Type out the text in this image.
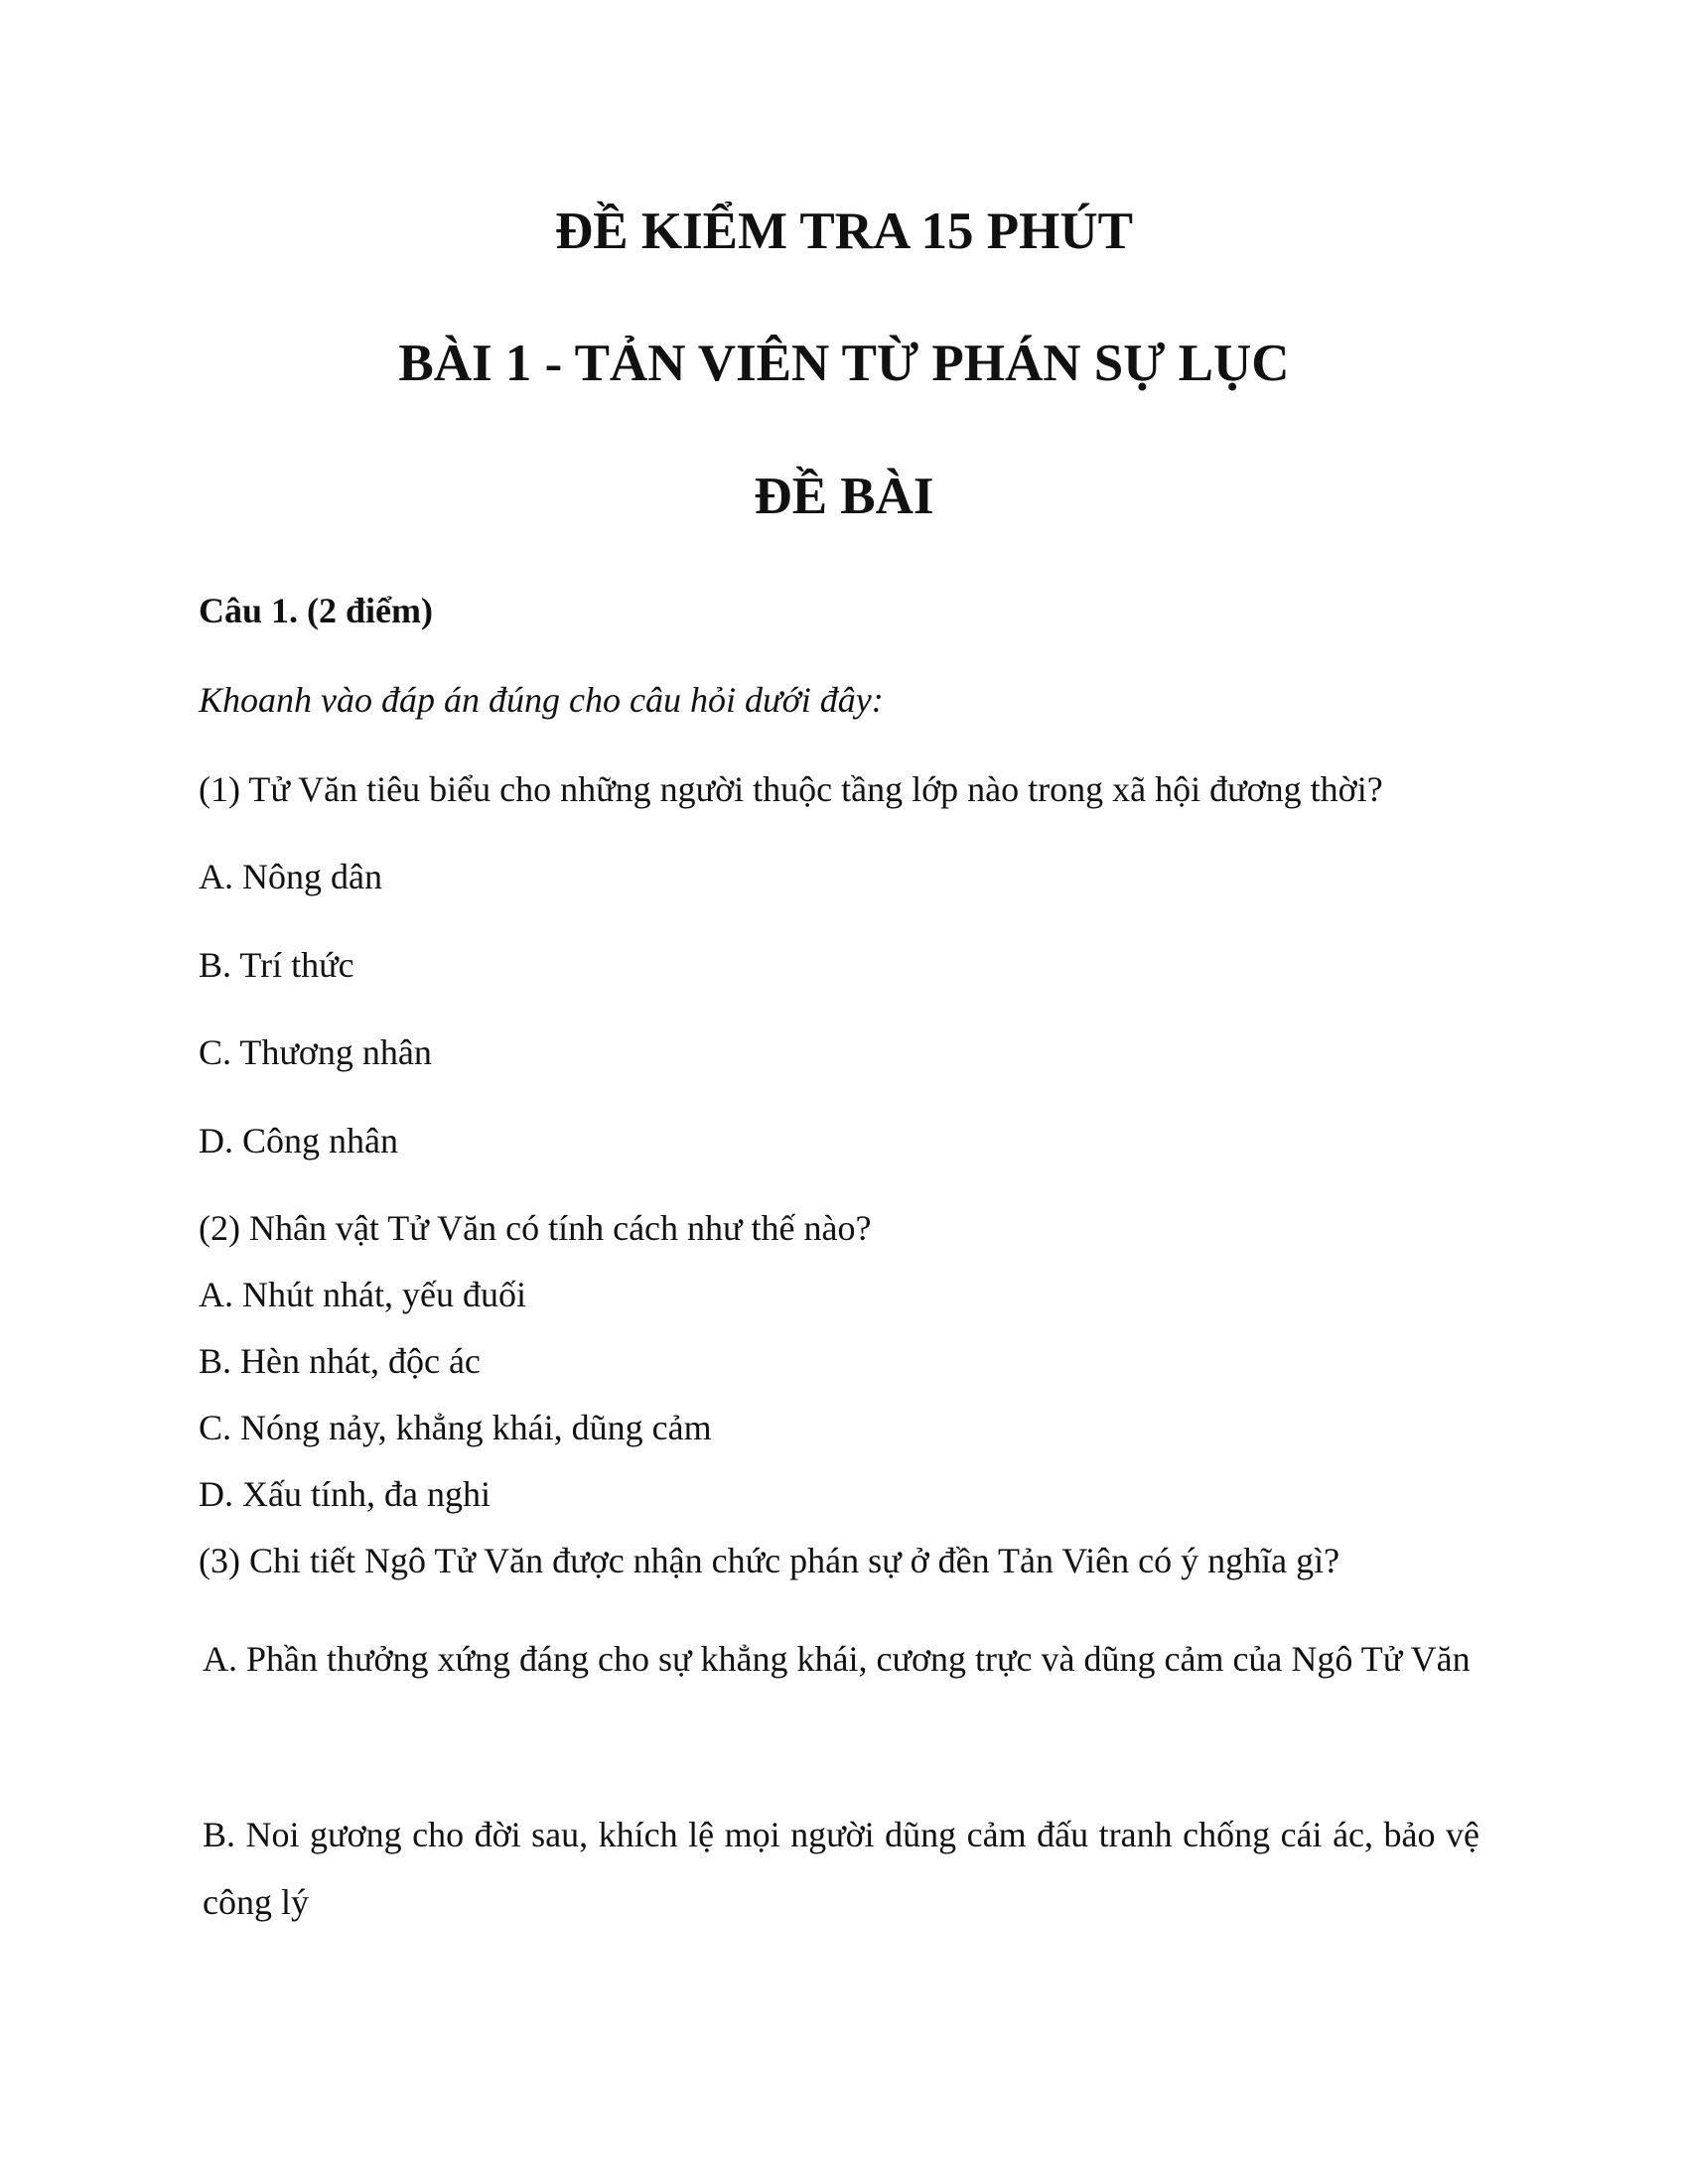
ĐỀ KIỂM TRA 15 PHÚT
BÀI 1 - TẢN VIÊN TỪ PHÁN SỰ LỤC
ĐỀ BÀI

Câu 1. (2 điểm)

Khoanh vào đáp án đúng cho câu hỏi dưới đây:

(1) Tử Văn tiêu biểu cho những người thuộc tầng lớp nào trong xã hội đương thời?

A. Nông dân

B. Trí thức

C. Thương nhân

D. Công nhân

(2) Nhân vật Tử Văn có tính cách như thế nào?

A. Nhút nhát, yếu đuối

B. Hèn nhát, độc ác

C. Nóng nảy, khẳng khái, dũng cảm

D. Xấu tính, đa nghi

(3) Chi tiết Ngô Tử Văn được nhận chức phán sự ở đền Tản Viên có ý nghĩa gì?

A. Phần thưởng xứng đáng cho sự khẳng khái, cương trực và dũng cảm của Ngô Tử Văn

B. Noi gương cho đời sau, khích lệ mọi người dũng cảm đấu tranh chống cái ác, bảo vệ công lý
